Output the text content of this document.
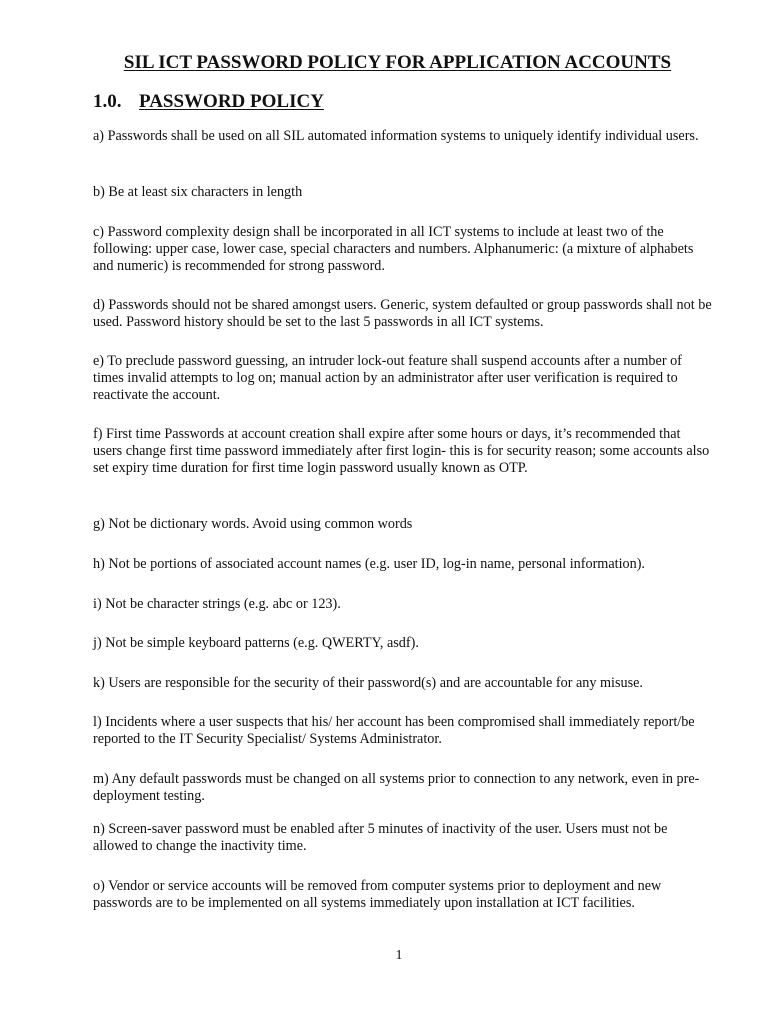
SIL ICT PASSWORD POLICY FOR APPLICATION ACCOUNTS
1.0. PASSWORD POLICY

a) Passwords shall be used on all SIL automated information systems to uniquely identify individual users.

b) Be at least six characters in length

c) Password complexity design shall be incorporated in all ICT systems to include at least two of the following: upper case, lower case, special characters and numbers. Alphanumeric: (a mixture of alphabets and numeric) is recommended for strong password.

d) Passwords should not be shared amongst users. Generic, system defaulted or group passwords shall not be used. Password history should be set to the last 5 passwords in all ICT systems.

e) To preclude password guessing, an intruder lock-out feature shall suspend accounts after a number of times invalid attempts to log on; manual action by an administrator after user verification is required to reactivate the account.

f) First time Passwords at account creation shall expire after some hours or days, it’s recommended that users change first time password immediately after first login- this is for security reason; some accounts also set expiry time duration for first time login password usually known as OTP.

g) Not be dictionary words. Avoid using common words

h) Not be portions of associated account names (e.g. user ID, log-in name, personal information).

i) Not be character strings (e.g. abc or 123).

j) Not be simple keyboard patterns (e.g. QWERTY, asdf).

k) Users are responsible for the security of their password(s) and are accountable for any misuse.

l) Incidents where a user suspects that his/ her account has been compromised shall immediately report/be reported to the IT Security Specialist/ Systems Administrator.

m) Any default passwords must be changed on all systems prior to connection to any network, even in pre-deployment testing.

n) Screen-saver password must be enabled after 5 minutes of inactivity of the user. Users must not be allowed to change the inactivity time.

o) Vendor or service accounts will be removed from computer systems prior to deployment and new passwords are to be implemented on all systems immediately upon installation at ICT facilities.

1
